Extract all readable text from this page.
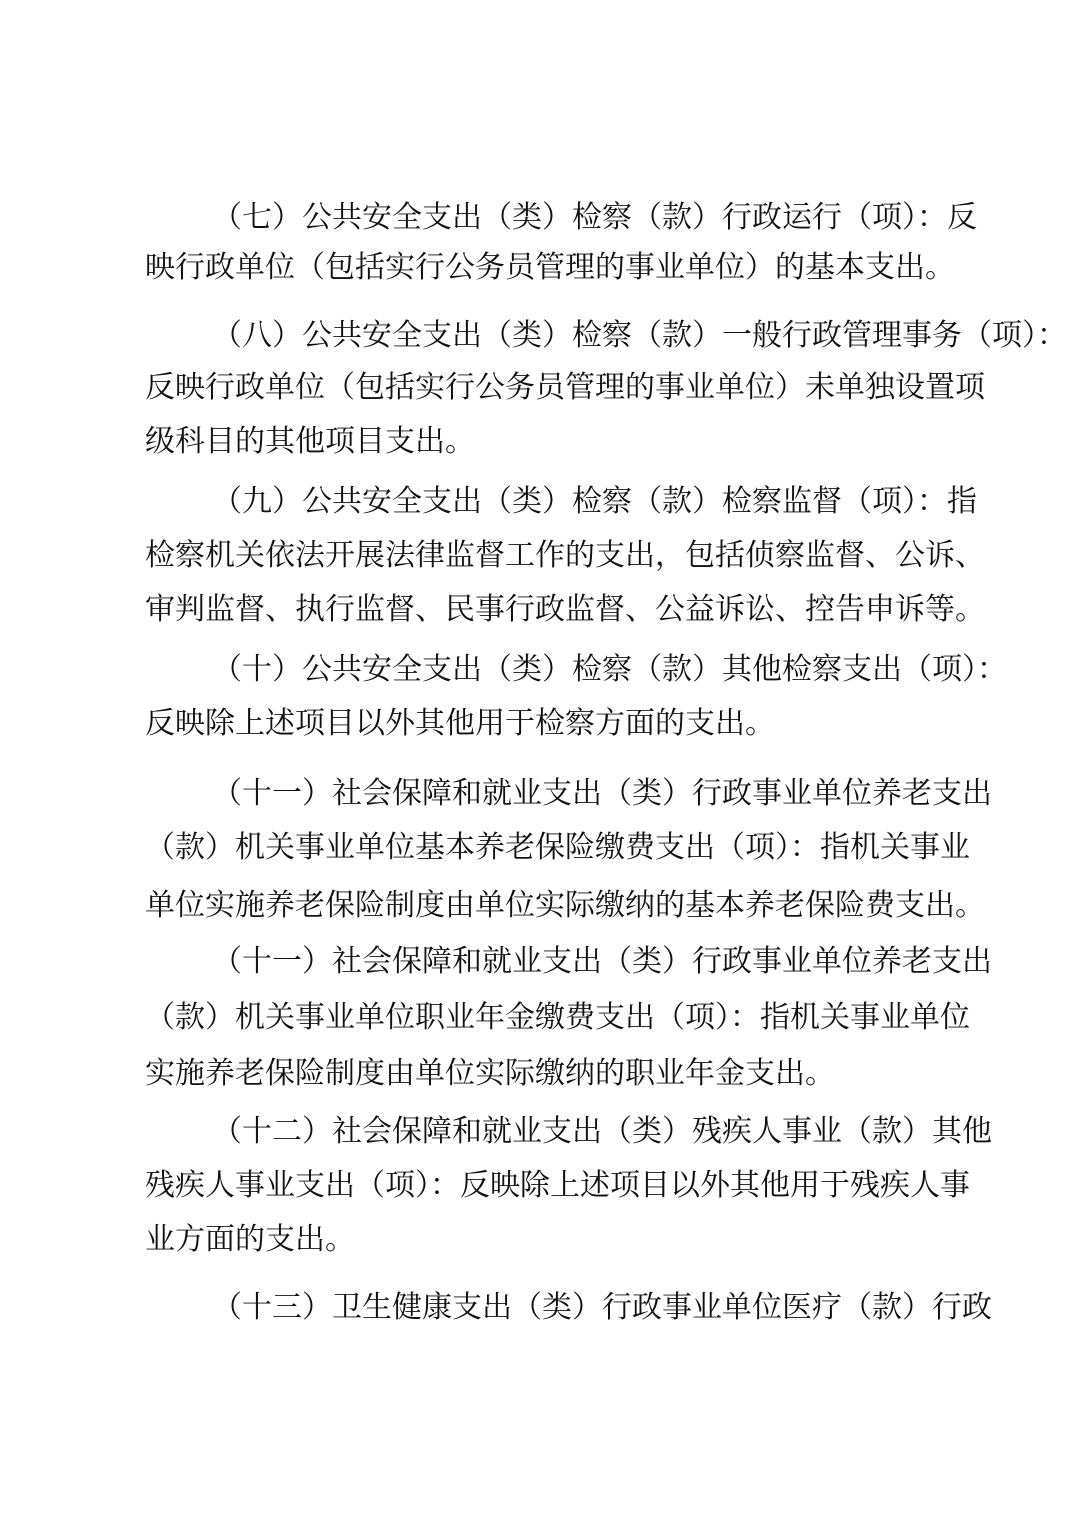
（七）公共安全支出（类）检察（款）行政运行（项）：反
映行政单位（包括实行公务员管理的事业单位）的基本支出。
（八）公共安全支出（类）检察（款）一般行政管理事务（项）：
反映行政单位（包括实行公务员管理的事业单位）未单独设置项
级科目的其他项目支出。
（九）公共安全支出（类）检察（款）检察监督（项）：指
检察机关依法开展法律监督工作的支出，包括侦察监督、公诉、
审判监督、执行监督、民事行政监督、公益诉讼、控告申诉等。
（十）公共安全支出（类）检察（款）其他检察支出（项）：
反映除上述项目以外其他用于检察方面的支出。
（十一）社会保障和就业支出（类）行政事业单位养老支出
（款）机关事业单位基本养老保险缴费支出（项）：指机关事业
单位实施养老保险制度由单位实际缴纳的基本养老保险费支出。
（十一）社会保障和就业支出（类）行政事业单位养老支出
（款）机关事业单位职业年金缴费支出（项）：指机关事业单位
实施养老保险制度由单位实际缴纳的职业年金支出。
（十二）社会保障和就业支出（类）残疾人事业（款）其他
残疾人事业支出（项）：反映除上述项目以外其他用于残疾人事
业方面的支出。
（十三）卫生健康支出（类）行政事业单位医疗（款）行政
